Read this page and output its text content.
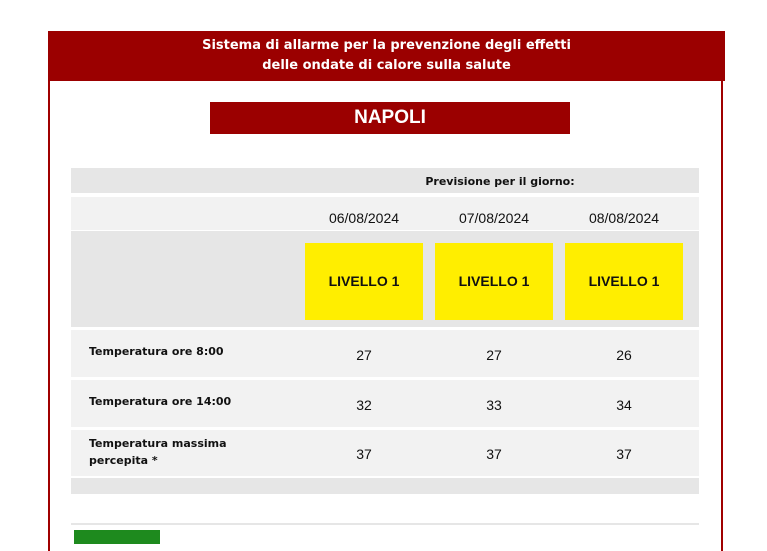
Sistema di allarme per la prevenzione degli effetti
delle ondate di calore sulla salute
NAPOLI
Previsione per il giorno:
06/08/2024	07/08/2024	08/08/2024
LIVELLO 1	LIVELLO 1	LIVELLO 1
Temperatura ore 8:00	27	27	26
Temperatura ore 14:00	32	33	34
Temperatura massima percepita *	37	37	37
